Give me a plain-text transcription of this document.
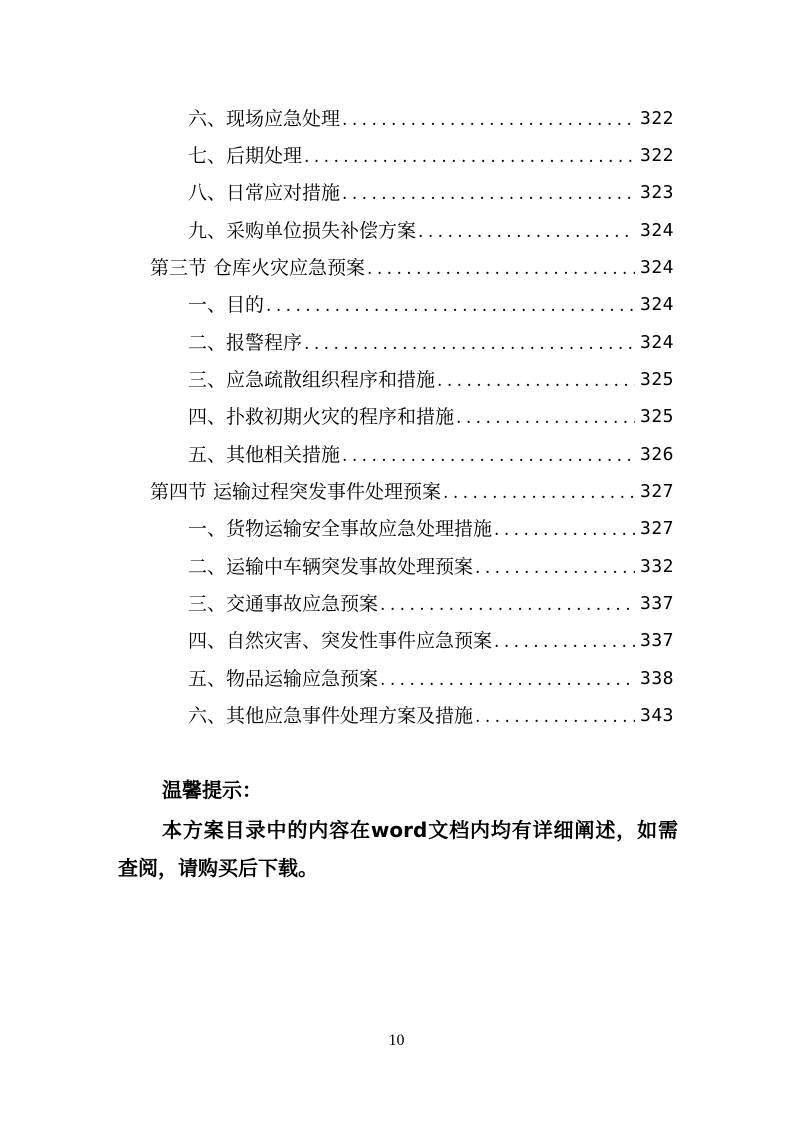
六、现场应急处理 . . .	322
七、后期处理 . . .	322
八、日常应对措施 . . .	323
九、采购单位损失补偿方案 . . .	324
第三节 仓库火灾应急预案 . . .	324
一、目的 . . .	324
二、报警程序 . . .	324
三、应急疏散组织程序和措施 . . .	325
四、扑救初期火灾的程序和措施 . . .	325
五、其他相关措施 . . .	326
第四节 运输过程突发事件处理预案 . . .	327
一、货物运输安全事故应急处理措施 . . .	327
二、运输中车辆突发事故处理预案 . . .	332
三、交通事故应急预案 . . .	337
四、自然灾害、突发性事件应急预案 . . .	337
五、物品运输应急预案 . . .	338
六、其他应急事件处理方案及措施 . . .	343
温馨提示：
本方案目录中的内容在word文档内均有详细阐述，如需查阅，请购买后下载。
10
